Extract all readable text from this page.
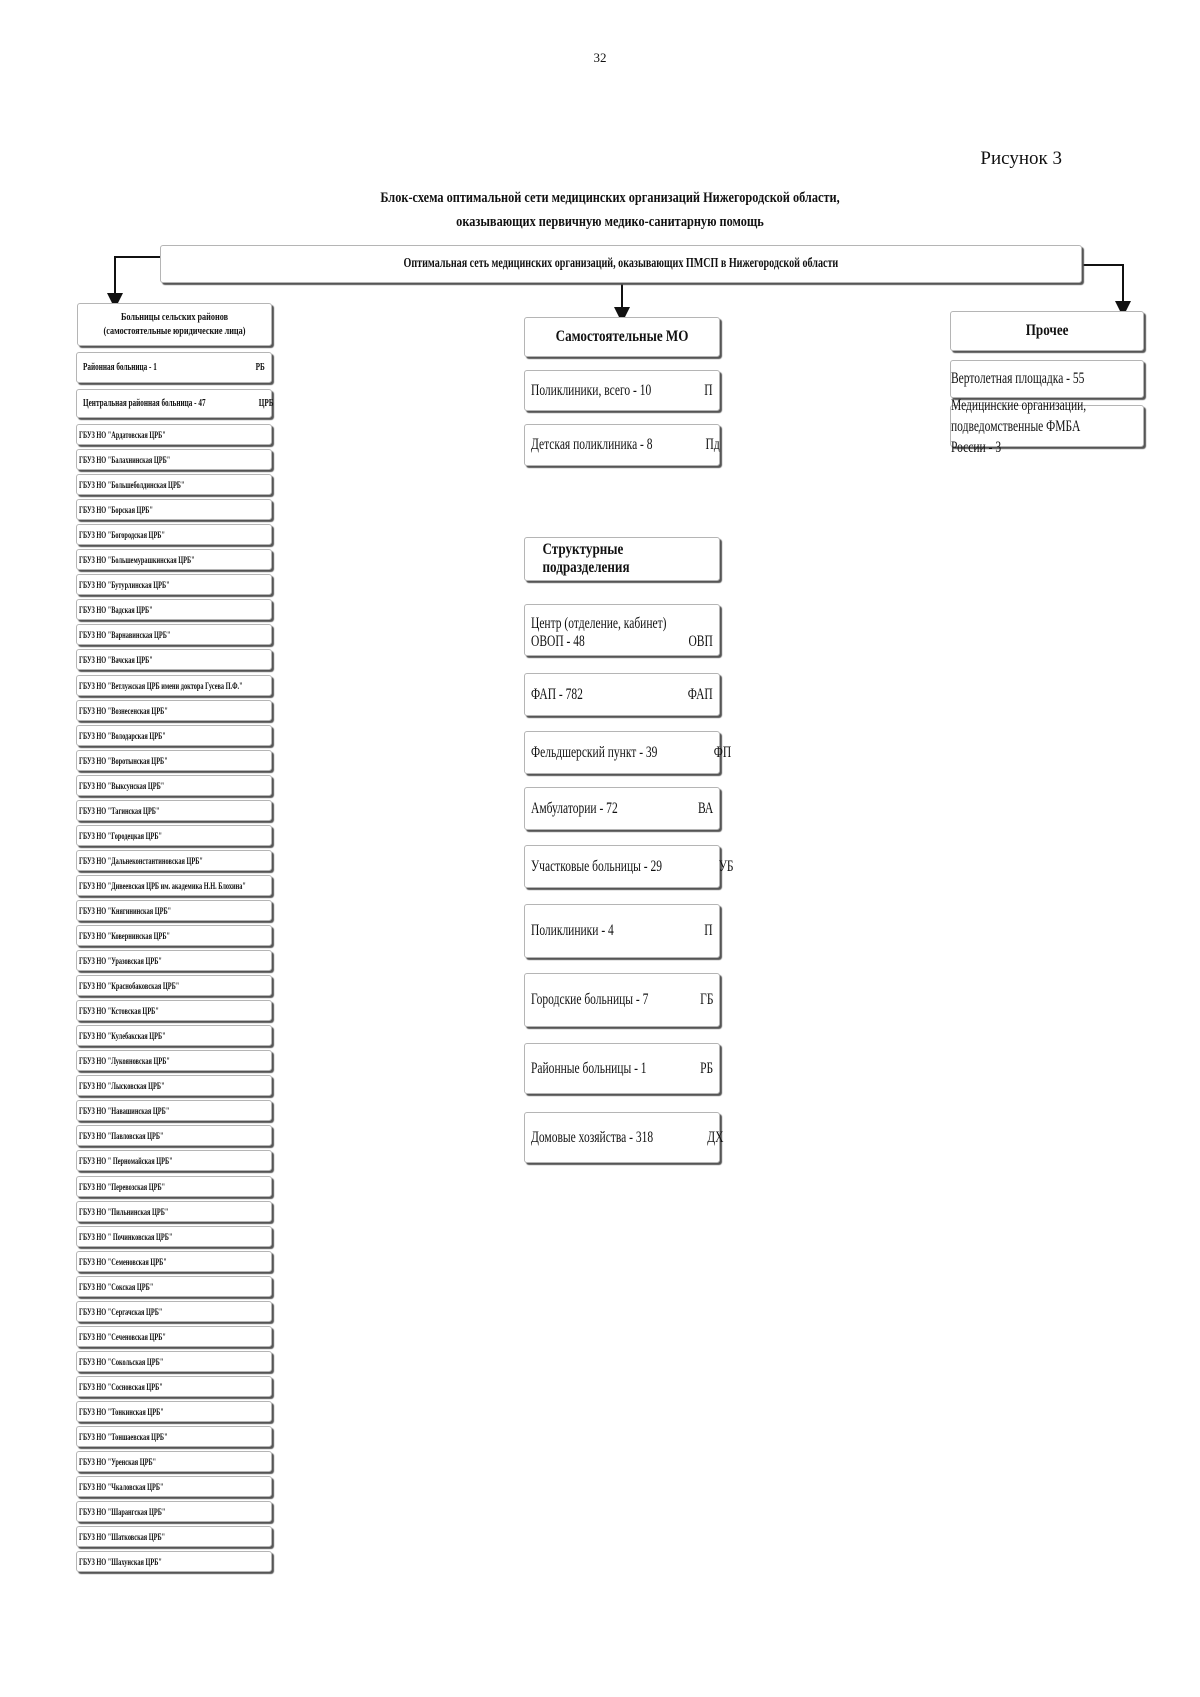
32
Рисунок 3
Блок-схема оптимальной сети медицинских организаций Нижегородской области,
оказывающих первичную медико-санитарную помощь
Оптимальная сеть медицинских организаций, оказывающих ПМСП в Нижегородской области
Больницы сельских районов (самостоятельные юридические лица)
Районная больница - 1	РБ
Центральная районная больница - 47	ЦРБ
ГБУЗ НО "Ардатовская ЦРБ"
ГБУЗ НО "Балахнинская ЦРБ"
ГБУЗ НО "Большеболдинская ЦРБ"
ГБУЗ НО "Борская ЦРБ"
ГБУЗ НО "Богородская ЦРБ"
ГБУЗ НО "Большемурашкинская ЦРБ"
ГБУЗ НО "Бутурлинская ЦРБ"
ГБУЗ НО "Вадская ЦРБ"
ГБУЗ НО "Варнавинская ЦРБ"
ГБУЗ НО "Вачская ЦРБ"
ГБУЗ НО "Ветлужская ЦРБ имени доктора Гусева П.Ф."
ГБУЗ НО "Вознесенская ЦРБ"
ГБУЗ НО "Володарская ЦРБ"
ГБУЗ НО "Воротынская ЦРБ"
ГБУЗ НО "Выксунская ЦРБ"
ГБУЗ НО "Тагинская ЦРБ"
ГБУЗ НО "Городецкая ЦРБ"
ГБУЗ НО "Дальнеконстантиновская ЦРБ"
ГБУЗ НО "Дивеевская ЦРБ им. академика Н.Н. Блохина"
ГБУЗ НО "Княгининская ЦРБ"
ГБУЗ НО "Ковернинская ЦРБ"
ГБУЗ НО "Уразовская ЦРБ"
ГБУЗ НО "Краснобаковская ЦРБ"
ГБУЗ НО "Кстовская ЦРБ"
ГБУЗ НО "Кулебакская ЦРБ"
ГБУЗ НО "Лукояновская ЦРБ"
ГБУЗ НО "Лысковская ЦРБ"
ГБУЗ НО "Навашинская ЦРБ"
ГБУЗ НО "Павловская ЦРБ"
ГБУЗ НО " Перномайская ЦРБ"
ГБУЗ НО "Перевозская ЦРБ"
ГБУЗ НО "Пильнинская ЦРБ"
ГБУЗ НО " Починковская ЦРБ"
ГБУЗ НО "Семеновская ЦРБ"
ГБУЗ НО "Сокская ЦРБ"
ГБУЗ НО "Сергачская ЦРБ"
ГБУЗ НО "Сеченовская ЦРБ"
ГБУЗ НО "Сокольская ЦРБ"
ГБУЗ НО "Сосновская ЦРБ"
ГБУЗ НО "Тонкинская ЦРБ"
ГБУЗ НО "Тоншаевская ЦРБ"
ГБУЗ НО "Уренская ЦРБ"
ГБУЗ НО "Чкаловская ЦРБ"
ГБУЗ НО "Шарангская ЦРБ"
ГБУЗ НО "Шатковская ЦРБ"
ГБУЗ НО "Шахунская ЦРБ"
Самостоятельные МО
Поликлиники, всего - 10	П
Детская поликлиника - 8	Пд
Структурные подразделения
Центр (отделение, кабинет)
ОВОП - 48	ОВП
ФАП - 782	ФАП
Фельдшерский пункт - 39	ФП
Амбулатории - 72	ВА
Участковые больницы - 29	УБ
Поликлиники - 4	П
Городские больницы - 7	ГБ
Районные больницы - 1	РБ
Домовые хозяйства - 318	ДХ
Прочее
Вертолетная площадка - 55
Медицинские организации, подведомственные ФМБА России - 3
